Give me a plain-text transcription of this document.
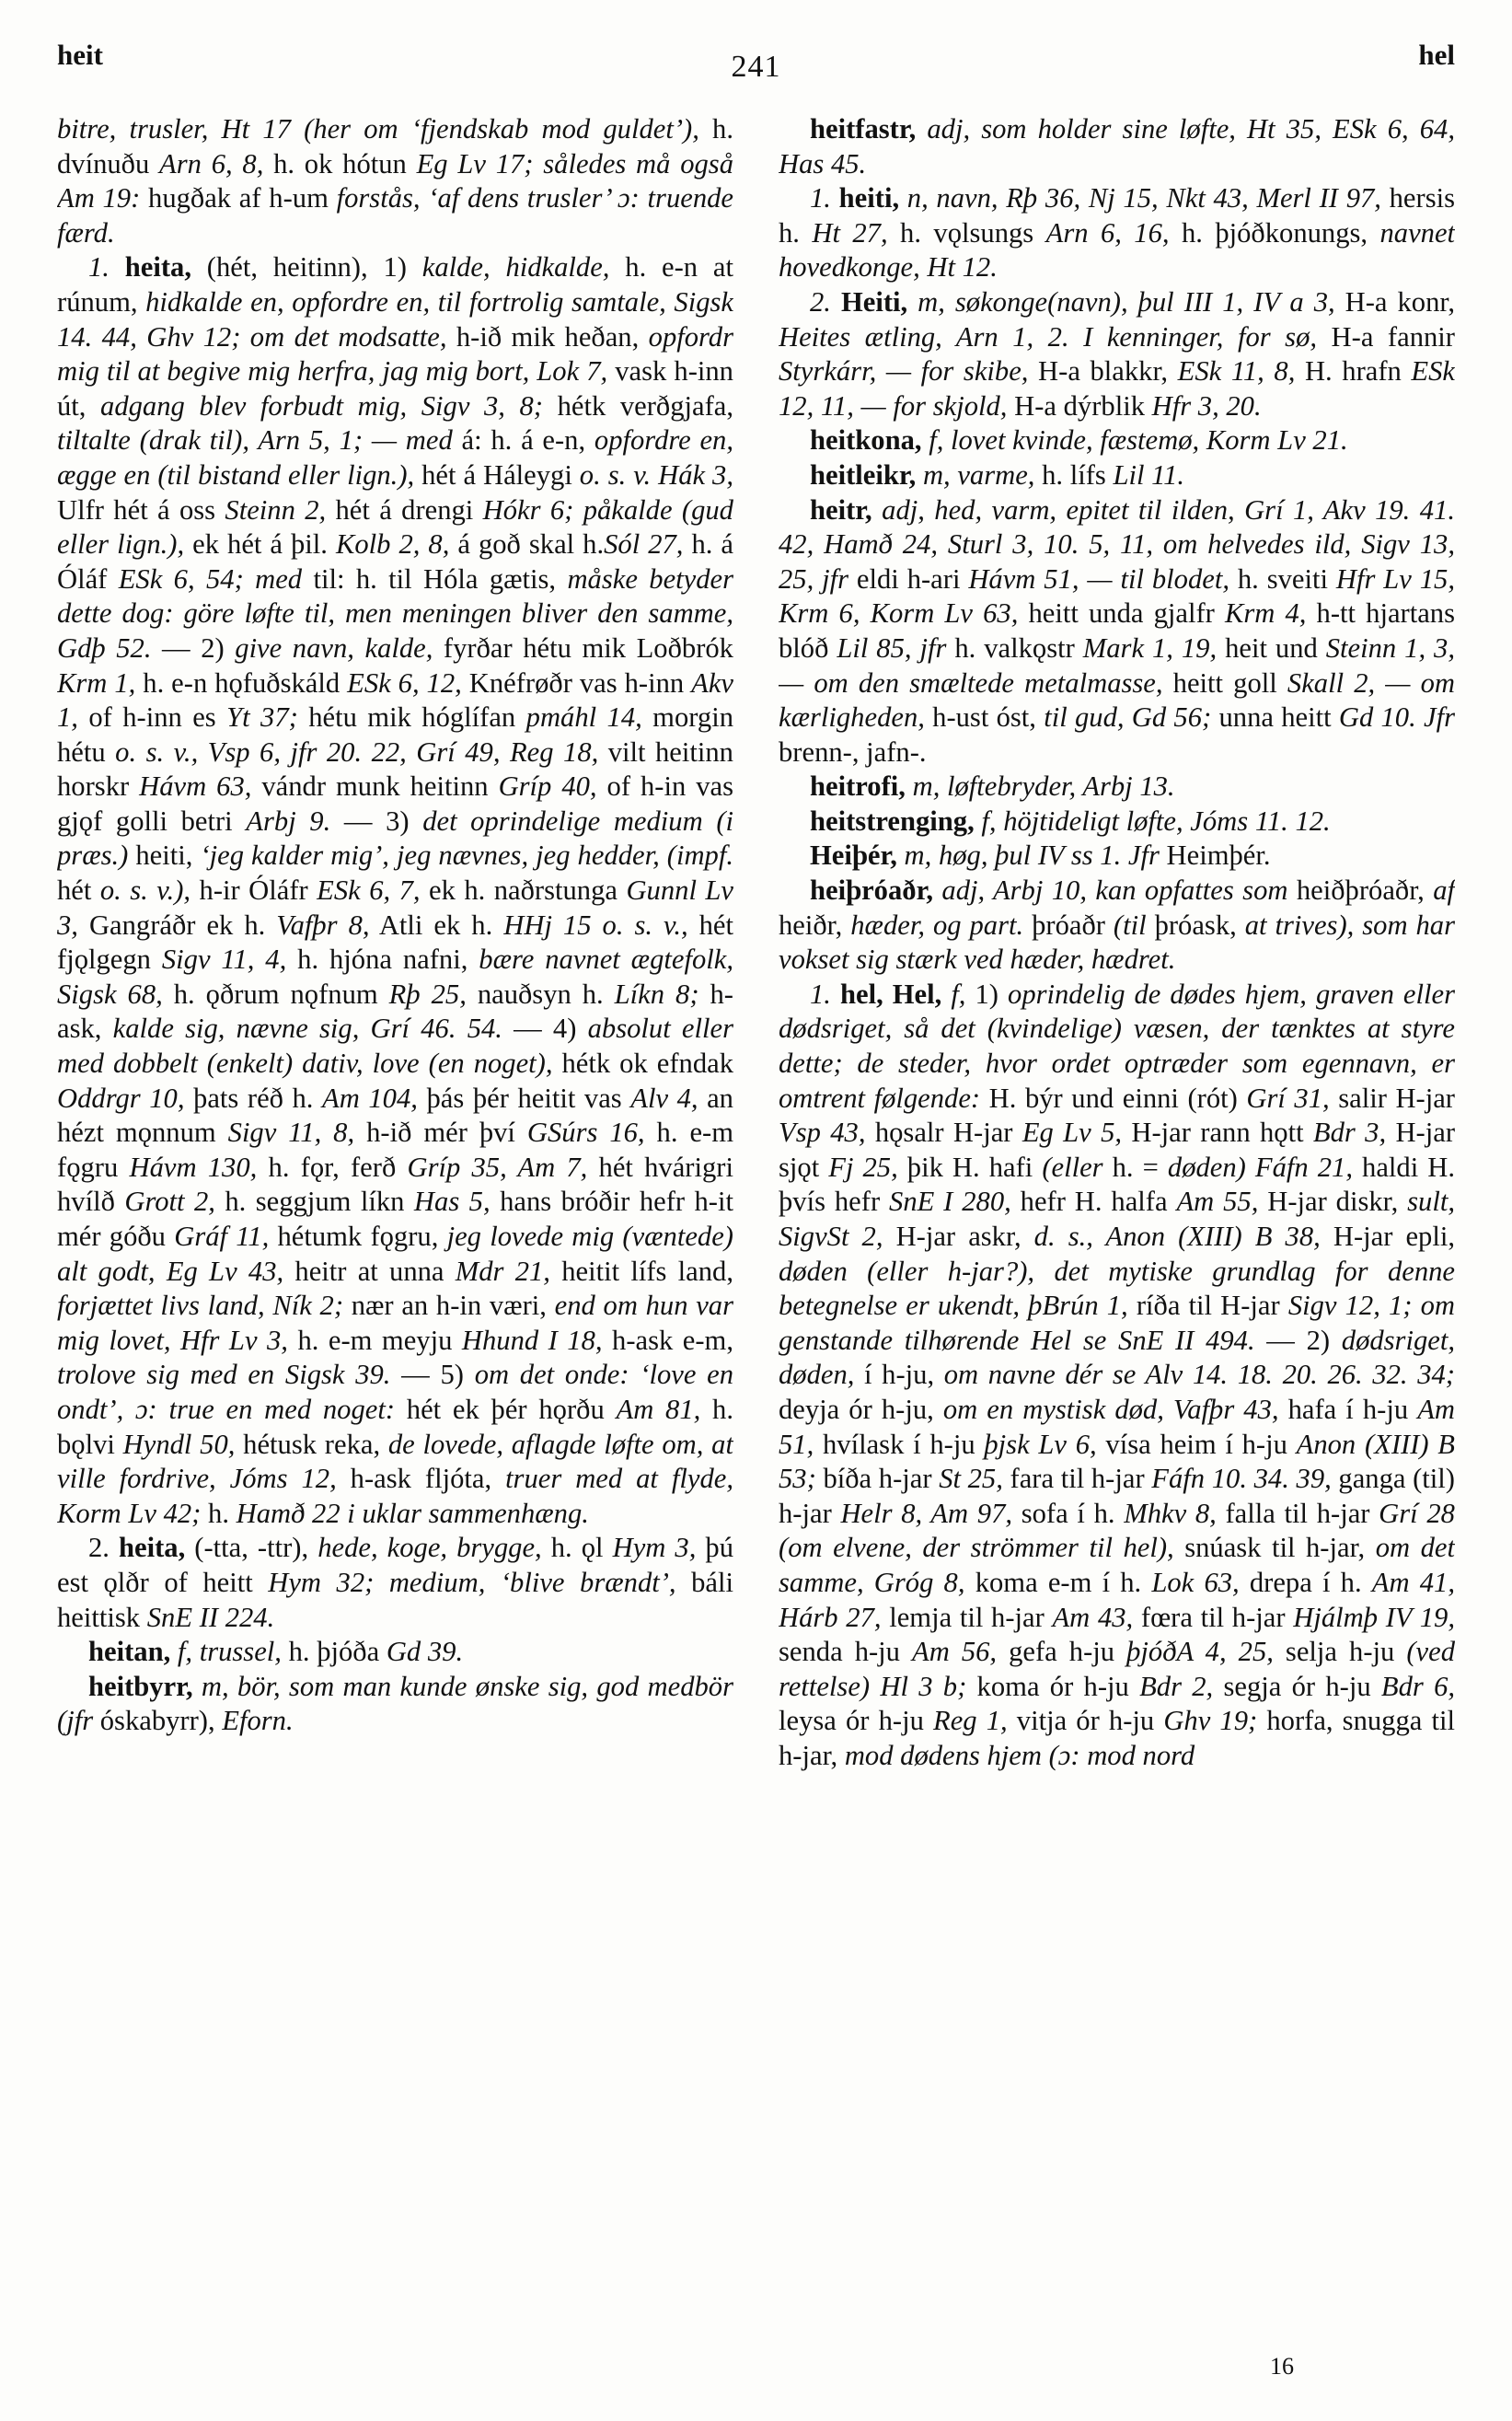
heit	241	hel

bitre, trusler, Ht 17 (her om ‘fjendskab mod guldet’), h. dvínuðu Arn 6, 8, h. ok hótun Eg Lv 17; således må også Am 19: hugðak af h-um forstås, ‘af dens trusler’ ɔ: truende færd.

1. heita, (hét, heitinn), 1) kalde, hidkalde, h. e-n at rúnum, hidkalde en, opfordre en, til fortrolig samtale, Sigsk 14. 44, Ghv 12; om det modsatte, h-ið mik heðan, opfordr mig til at begive mig herfra, jag mig bort, Lok 7, vask h-inn út, adgang blev forbudt mig, Sigv 3, 8; hétk verðgjafa, tiltalte (drak til), Arn 5, 1; — med á: h. á e-n, opfordre en, ægge en (til bistand eller lign.), hét á Háleygi o. s. v. Hák 3, Ulfr hét á oss Steinn 2, hét á drengi Hókr 6; påkalde (gud eller lign.), ek hét á þil. Kolb 2, 8, á goð skal h.Sól 27, h. á Óláf ESk 6, 54; med til: h. til Hóla gætis, måske betyder dette dog: göre løfte til, men meningen bliver den samme, Gdþ 52. — 2) give navn, kalde, fyrðar hétu mik Loðbrók Krm 1, h. e-n hǫfuðskáld ESk 6, 12, Knéfrøðr vas h-inn Akv 1, of h-inn es Yt 37; hétu mik hóglífan pmáhl 14, morgin hétu o. s. v., Vsp 6, jfr 20. 22, Grí 49, Reg 18, vilt heitinn horskr Hávm 63, vándr munk heitinn Gríp 40, of h-in vas gjǫf golli betri Arbj 9. — 3) det oprindelige medium (i præs.) heiti, ‘jeg kalder mig’, jeg nævnes, jeg hedder, (impf. hét o. s. v.), h-ir Óláfr ESk 6, 7, ek h. naðrstunga Gunnl Lv 3, Gangráðr ek h. Vafþr 8, Atli ek h. HHj 15 o. s. v., hét fjǫlgegn Sigv 11, 4, h. hjóna nafni, bære navnet ægtefolk, Sigsk 68, h. ǫðrum nǫfnum Rþ 25, nauðsyn h. Líkn 8; h-ask, kalde sig, nævne sig, Grí 46. 54. — 4) absolut eller med dobbelt (enkelt) dativ, love (en noget), hétk ok efndak Oddrgr 10, þats réð h. Am 104, þás þér heitit vas Alv 4, an hézt mǫnnum Sigv 11, 8, h-ið mér því GSúrs 16, h. e-m fǫgru Hávm 130, h. fǫr, ferð Gríp 35, Am 7, hét hvárigri hvílð Grott 2, h. seggjum líkn Has 5, hans bróðir hefr h-it mér góðu Gráf 11, hétumk fǫgru, jeg lovede mig (væntede) alt godt, Eg Lv 43, heitr at unna Mdr 21, heitit lífs land, forjættet livs land, Ník 2; nær an h-in væri, end om hun var mig lovet, Hfr Lv 3, h. e-m meyju Hhund I 18, h-ask e-m, trolove sig med en Sigsk 39. — 5) om det onde: ‘love en ondt’, ɔ: true en med noget: hét ek þér hǫrðu Am 81, h. bǫlvi Hyndl 50, hétusk reka, de lovede, aflagde løfte om, at ville fordrive, Jóms 12, h-ask fljóta, truer med at flyde, Korm Lv 42; h. Hamð 22 i uklar sammenhæng.

2. heita, (-tta, -ttr), hede, koge, brygge, h. ǫl Hym 3, þú est ǫlðr of heitt Hym 32; medium, ‘blive brændt’, báli heittisk SnE II 224.

heitan, f, trussel, h. þjóða Gd 39.

heitbyrr, m, bör, som man kunde ønske sig, god medbör (jfr óskabyrr), Eforn.

heitfastr, adj, som holder sine løfte, Ht 35, ESk 6, 64, Has 45.

1. heiti, n, navn, Rþ 36, Nj 15, Nkt 43, Merl II 97, hersis h. Ht 27, h. vǫlsungs Arn 6, 16, h. þjóðkonungs, navnet hovedkonge, Ht 12.

2. Heiti, m, søkonge(navn), þul III 1, IV a 3, H-a konr, Heites ætling, Arn 1, 2. I kenninger, for sø, H-a fannir Styrkárr, — for skibe, H-a blakkr, ESk 11, 8, H. hrafn ESk 12, 11, — for skjold, H-a dýrblik Hfr 3, 20.

heitkona, f, lovet kvinde, fæstemø, Korm Lv 21.

heitleikr, m, varme, h. lífs Lil 11.

heitr, adj, hed, varm, epitet til ilden, Grí 1, Akv 19. 41. 42, Hamð 24, Sturl 3, 10. 5, 11, om helvedes ild, Sigv 13, 25, jfr eldi h-ari Hávm 51, — til blodet, h. sveiti Hfr Lv 15, Krm 6, Korm Lv 63, heitt unda gjalfr Krm 4, h-tt hjartans blóð Lil 85, jfr h. valkǫstr Mark 1, 19, heit und Steinn 1, 3, — om den smæltede metalmasse, heitt goll Skall 2, — om kærligheden, h-ust óst, til gud, Gd 56; unna heitt Gd 10. Jfr brenn-, jafn-.

heitrofi, m, løftebryder, Arbj 13.

heitstrenging, f, höjtideligt løfte, Jóms 11. 12.

Heiþér, m, høg, þul IV ss 1. Jfr Heimþér.

heiþróaðr, adj, Arbj 10, kan opfattes som heiðþróaðr, af heiðr, hæder, og part. þróaðr (til þróask, at trives), som har vokset sig stærk ved hæder, hædret.

1. hel, Hel, f, 1) oprindelig de dødes hjem, graven eller dødsriget, så det (kvindelige) væsen, der tænktes at styre dette; de steder, hvor ordet optræder som egennavn, er omtrent følgende: H. býr und einni (rót) Grí 31, salir H-jar Vsp 43, hǫsalr H-jar Eg Lv 5, H-jar rann hǫtt Bdr 3, H-jar sjǫt Fj 25, þik H. hafi (eller h. = døden) Fáfn 21, haldi H. þvís hefr SnE I 280, hefr H. halfa Am 55, H-jar diskr, sult, SigvSt 2, H-jar askr, d. s., Anon (XIII) B 38, H-jar epli, døden (eller h-jar?), det mytiske grundlag for denne betegnelse er ukendt, þBrún 1, ríða til H-jar Sigv 12, 1; om genstande tilhørende Hel se SnE II 494. — 2) dødsriget, døden, í h-ju, om navne dér se Alv 14. 18. 20. 26. 32. 34; deyja ór h-ju, om en mystisk død, Vafþr 43, hafa í h-ju Am 51, hvílask í h-ju þjsk Lv 6, vísa heim í h-ju Anon (XIII) B 53; bíða h-jar St 25, fara til h-jar Fáfn 10. 34. 39, ganga (til) h-jar Helr 8, Am 97, sofa í h. Mhkv 8, falla til h-jar Grí 28 (om elvene, der strömmer til hel), snúask til h-jar, om det samme, Gróg 8, koma e-m í h. Lok 63, drepa í h. Am 41, Hárb 27, lemja til h-jar Am 43, fœra til h-jar Hjálmþ IV 19, senda h-ju Am 56, gefa h-ju þjóðA 4, 25, selja h-ju (ved rettelse) Hl 3 b; koma ór h-ju Bdr 2, segja ór h-ju Bdr 6, leysa ór h-ju Reg 1, vitja ór h-ju Ghv 19; horfa, snugga til h-jar, mod dødens hjem (ɔ: mod nord

16
